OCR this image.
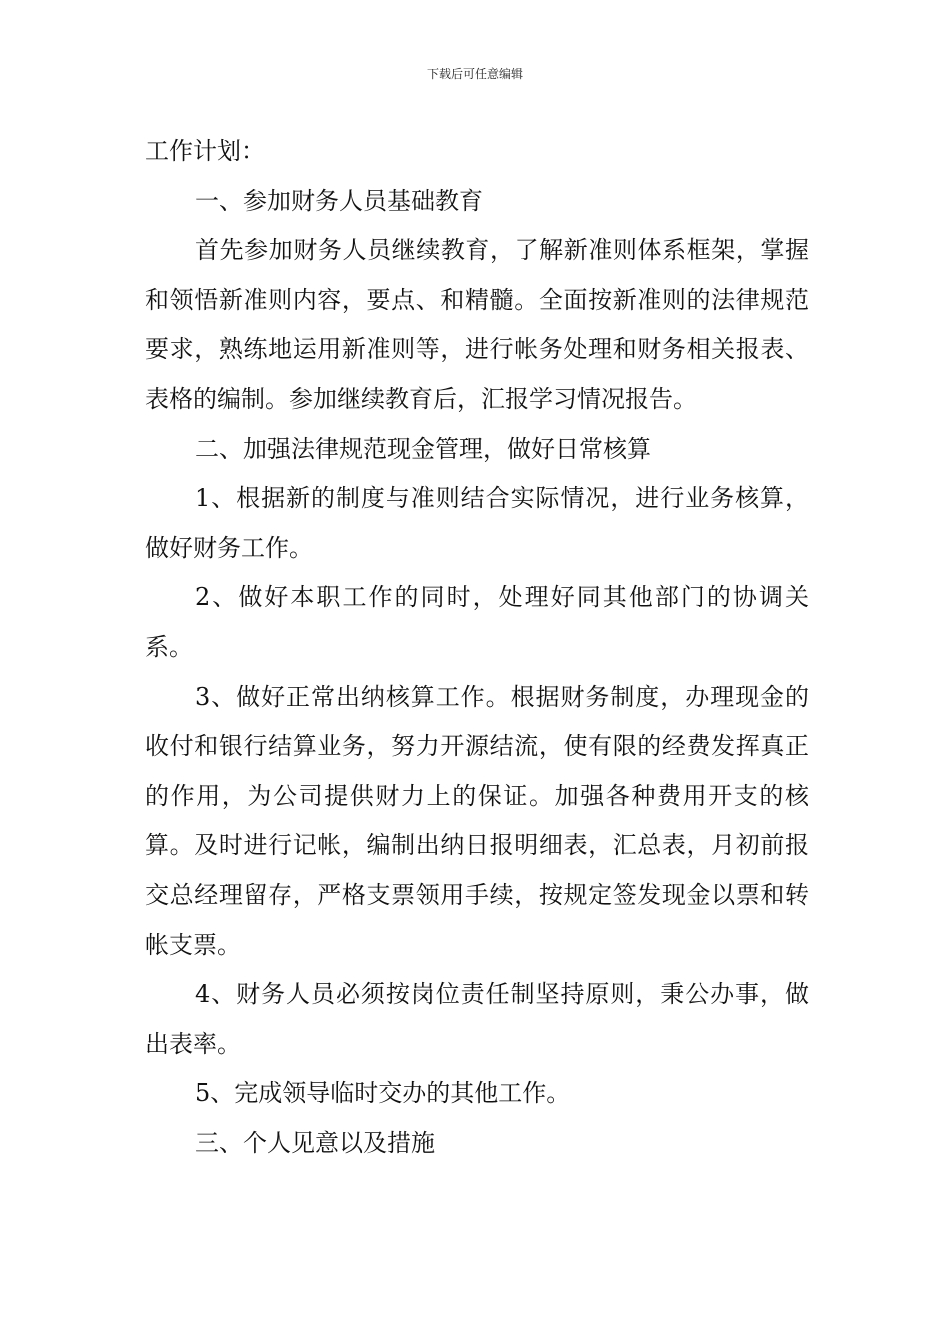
下载后可任意编辑

工作计划：

一、参加财务人员基础教育

首先参加财务人员继续教育，了解新准则体系框架，掌握和领悟新准则内容，要点、和精髓。全面按新准则的法律规范要求，熟练地运用新准则等，进行帐务处理和财务相关报表、表格的编制。参加继续教育后，汇报学习情况报告。

二、加强法律规范现金管理，做好日常核算

1、根据新的制度与准则结合实际情况，进行业务核算，做好财务工作。

2、做好本职工作的同时，处理好同其他部门的协调关系。

3、做好正常出纳核算工作。根据财务制度，办理现金的收付和银行结算业务，努力开源结流，使有限的经费发挥真正的作用，为公司提供财力上的保证。加强各种费用开支的核算。及时进行记帐，编制出纳日报明细表，汇总表，月初前报交总经理留存，严格支票领用手续，按规定签发现金以票和转帐支票。

4、财务人员必须按岗位责任制坚持原则，秉公办事，做出表率。

5、完成领导临时交办的其他工作。

三、个人见意以及措施
